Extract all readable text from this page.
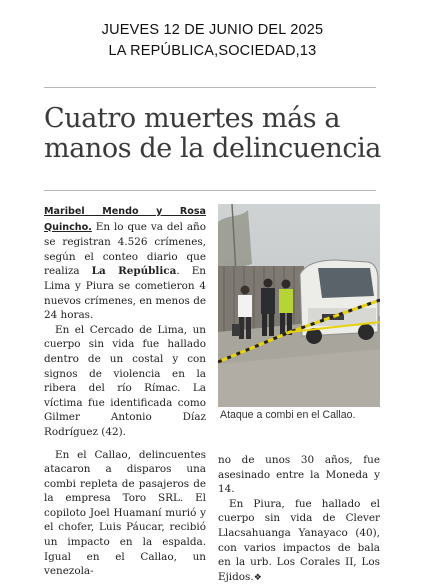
JUEVES 12 DE JUNIO DEL 2025
LA REPÚBLICA,SOCIEDAD,13
Cuatro muertes más a
manos de la delincuencia

Maribel Mendo y Rosa Quincho. En lo que va del año se registran 4.526 crímenes, según el conteo diario que realiza La República. En Lima y Piura se cometieron 4 nuevos crímenes, en menos de 24 horas.

En el Cercado de Lima, un cuerpo sin vida fue hallado dentro de un costal y con signos de violencia en la ribera del río Rímac. La víctima fue identificada como Gilmer Antonio Díaz Rodríguez (42).

En el Callao, delincuentes atacaron a disparos una combi repleta de pasajeros de la empresa Toro SRL. El copiloto Joel Huamaní murió y el chofer, Luis Páucar, recibió un impacto en la espalda. Igual en el Callao, un venezola-

Ataque a combi en el Callao.

no de unos 30 años, fue asesinado entre la Moneda y 14.

En Piura, fue hallado el cuerpo sin vida de Clever Llacsahuanga Yanayaco (40), con varios impactos de bala en la urb. Los Corales II, Los Ejidos.❖
